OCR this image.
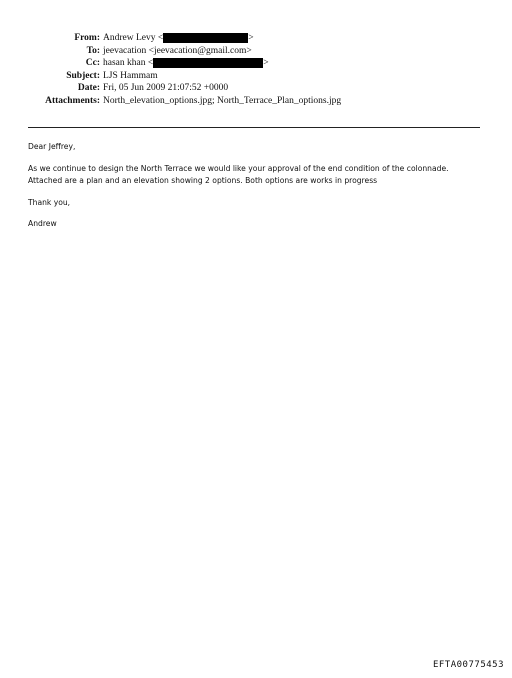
From: Andrew Levy
<	>
To: jeevacation <jeevacation@gmail.com>
Cc: hasan khan
<	>
Subject: LJS Hammam
Date: Fri, 05 Jun 2009 21:07:52 +0000
Attachments: North_elevation_options.jpg; North_Terrace_Plan_options.jpg

Dear Jeffrey,

As we continue to design the North Terrace we would like your approval of the end condition of the colonnade.
Attached are a plan and an elevation showing 2 options. Both options are works in progress

Thank you,

Andrew

EFTA00775453
